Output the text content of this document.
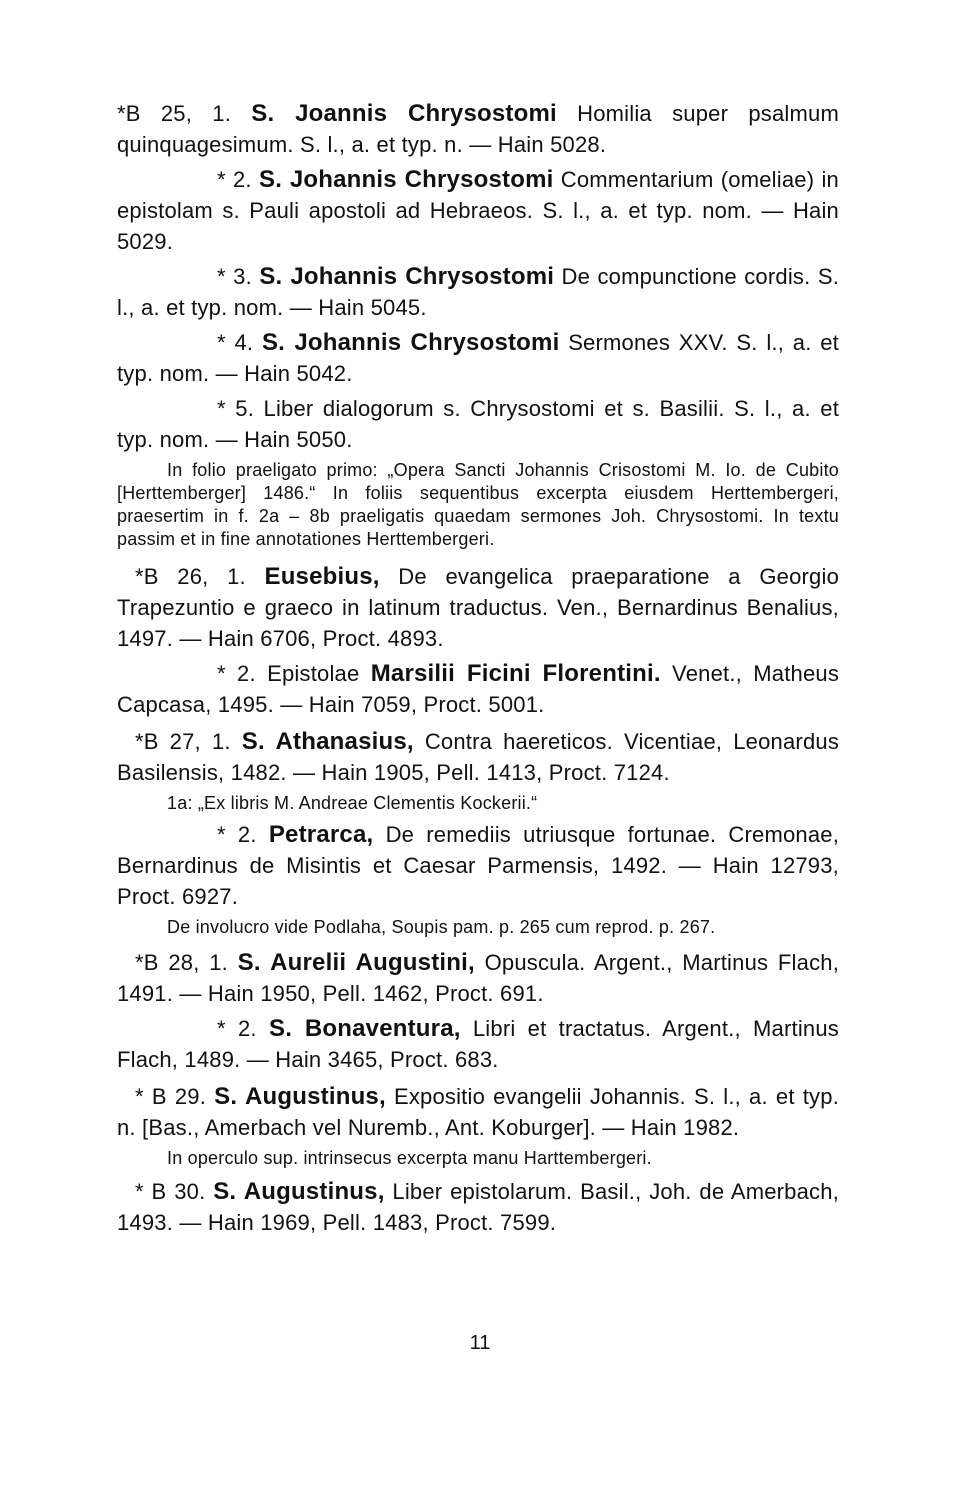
*B 25, 1. S. Joannis Chrysostomi Homilia super psalmum quinquagesimum. S. l., a. et typ. n. — Hain 5028.

* 2. S. Johannis Chrysostomi Commentarium (omeliae) in epistolam s. Pauli apostoli ad Hebraeos. S. l., a. et typ. nom. — Hain 5029.

* 3. S. Johannis Chrysostomi De compunctione cordis. S. l., a. et typ. nom. — Hain 5045.

* 4. S. Johannis Chrysostomi Sermones XXV. S. l., a. et typ. nom. — Hain 5042.

* 5. Liber dialogorum s. Chrysostomi et s. Basilii. S. l., a. et typ. nom. — Hain 5050.

In folio praeligato primo: „Opera Sancti Johannis Crisostomi M. Io. de Cubito [Herttemberger] 1486.“ In foliis sequentibus excerpta eiusdem Herttembergeri, praesertim in f. 2a – 8b praeligatis quaedam sermones Joh. Chrysostomi. In textu passim et in fine annotationes Herttembergeri.

*B 26, 1. Eusebius, De evangelica praeparatione a Georgio Trapezuntio e graeco in latinum traductus. Ven., Bernardinus Benalius, 1497. — Hain 6706, Proct. 4893.

* 2. Epistolae Marsilii Ficini Florentini. Venet., Matheus Capcasa, 1495. — Hain 7059, Proct. 5001.

*B 27, 1. S. Athanasius, Contra haereticos. Vicentiae, Leonardus Basilensis, 1482. — Hain 1905, Pell. 1413, Proct. 7124.

1a: „Ex libris M. Andreae Clementis Kockerii.“

* 2. Petrarca, De remediis utriusque fortunae. Cremonae, Bernardinus de Misintis et Caesar Parmensis, 1492. — Hain 12793, Proct. 6927.

De involucro vide Podlaha, Soupis pam. p. 265 cum reprod. p. 267.

*B 28, 1. S. Aurelii Augustini, Opuscula. Argent., Martinus Flach, 1491. — Hain 1950, Pell. 1462, Proct. 691.

* 2. S. Bonaventura, Libri et tractatus. Argent., Martinus Flach, 1489. — Hain 3465, Proct. 683.

* B 29. S. Augustinus, Expositio evangelii Johannis. S. l., a. et typ. n. [Bas., Amerbach vel Nuremb., Ant. Koburger]. — Hain 1982.

In operculo sup. intrinsecus excerpta manu Harttembergeri.

* B 30. S. Augustinus, Liber epistolarum. Basil., Joh. de Amerbach, 1493. — Hain 1969, Pell. 1483, Proct. 7599.

11
